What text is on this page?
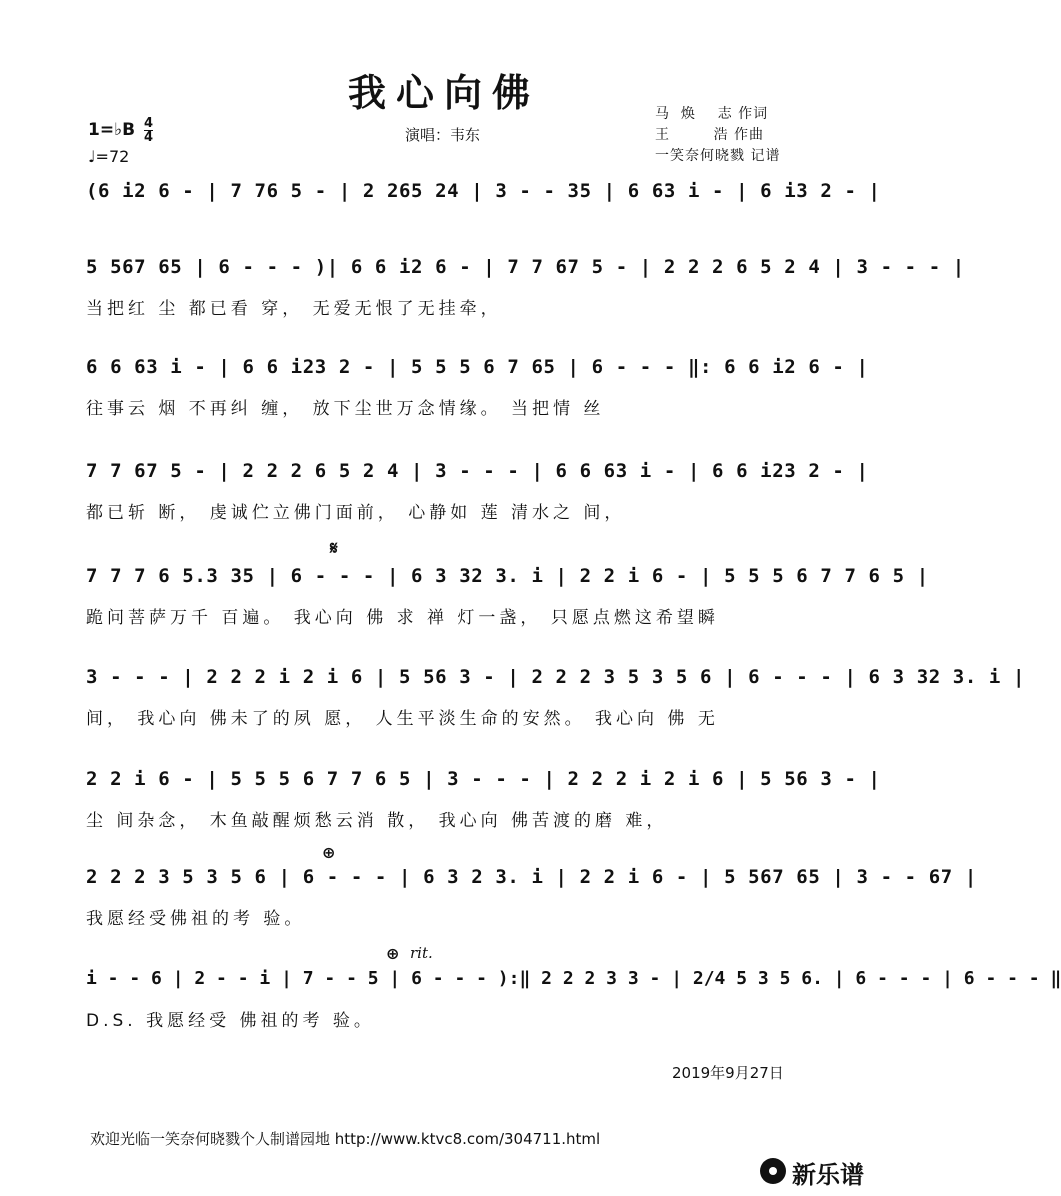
我心向佛
1=♭B 4
4
♩=72
演唱：韦东
马  焕    志 作词
王        浩 作曲
一笑奈何晓戮 记谱
(6 i2 6 - | 7 76 5 - | 2 265 24 | 3 - - 35 | 6 63 i - | 6 i3 2 - |
5 567 65 | 6 - - - )| 6 6 i2 6 - | 7 7 67 5 - | 2 2 2 6 5 2 4 | 3 - - - |
当把红 尘 都已看 穿， 无爱无恨了无挂牵，
6 6 63 i - | 6 6 i23 2 - | 5 5 5 6 7 65 | 6 - - - ‖: 6 6 i2 6 - |
往事云 烟 不再纠 缠， 放下尘世万念情缘。 当把情 丝
7 7 67 5 - | 2 2 2 6 5 2 4 | 3 - - - | 6 6 63 i - | 6 6 i23 2 - |
都已斩 断， 虔诚伫立佛门面前， 心静如 莲 清水之 间，
𝄋
7 7 7 6 5.3 35 | 6 - - - | 6 3 32 3. i | 2 2 i 6 - | 5 5 5 6 7 7 6 5 |
跪问菩萨万千 百遍。 我心向 佛 求 禅 灯一盏， 只愿点燃这希望瞬
3 - - - | 2 2 2 i 2 i 6 | 5 56 3 - | 2 2 2 3 5 3 5 6 | 6 - - - | 6 3 32 3. i |
间， 我心向 佛未了的夙 愿， 人生平淡生命的安然。 我心向 佛 无
2 2 i 6 - | 5 5 5 6 7 7 6 5 | 3 - - - | 2 2 2 i 2 i 6 | 5 56 3 - |
尘 间杂念， 木鱼敲醒烦愁云消 散， 我心向 佛苦渡的磨 难，
⊕
2 2 2 3 5 3 5 6 | 6 - - - | 6 3 2 3. i | 2 2 i 6 - | 5 567 65 | 3 - - 67 |
我愿经受佛祖的考 验。
⊕ rit.
i - - 6 | 2 - - i | 7 - - 5 | 6 - - - ):‖ 2 2 2 3 3 - | 2/4 5 3 5 6. | 6 - - - | 6 - - - ‖
D.S. 我愿经受 佛祖的考 验。
2019年9月27日
欢迎光临一笑奈何晓戮个人制谱园地 http://www.ktvc8.com/304711.html
新乐谱
